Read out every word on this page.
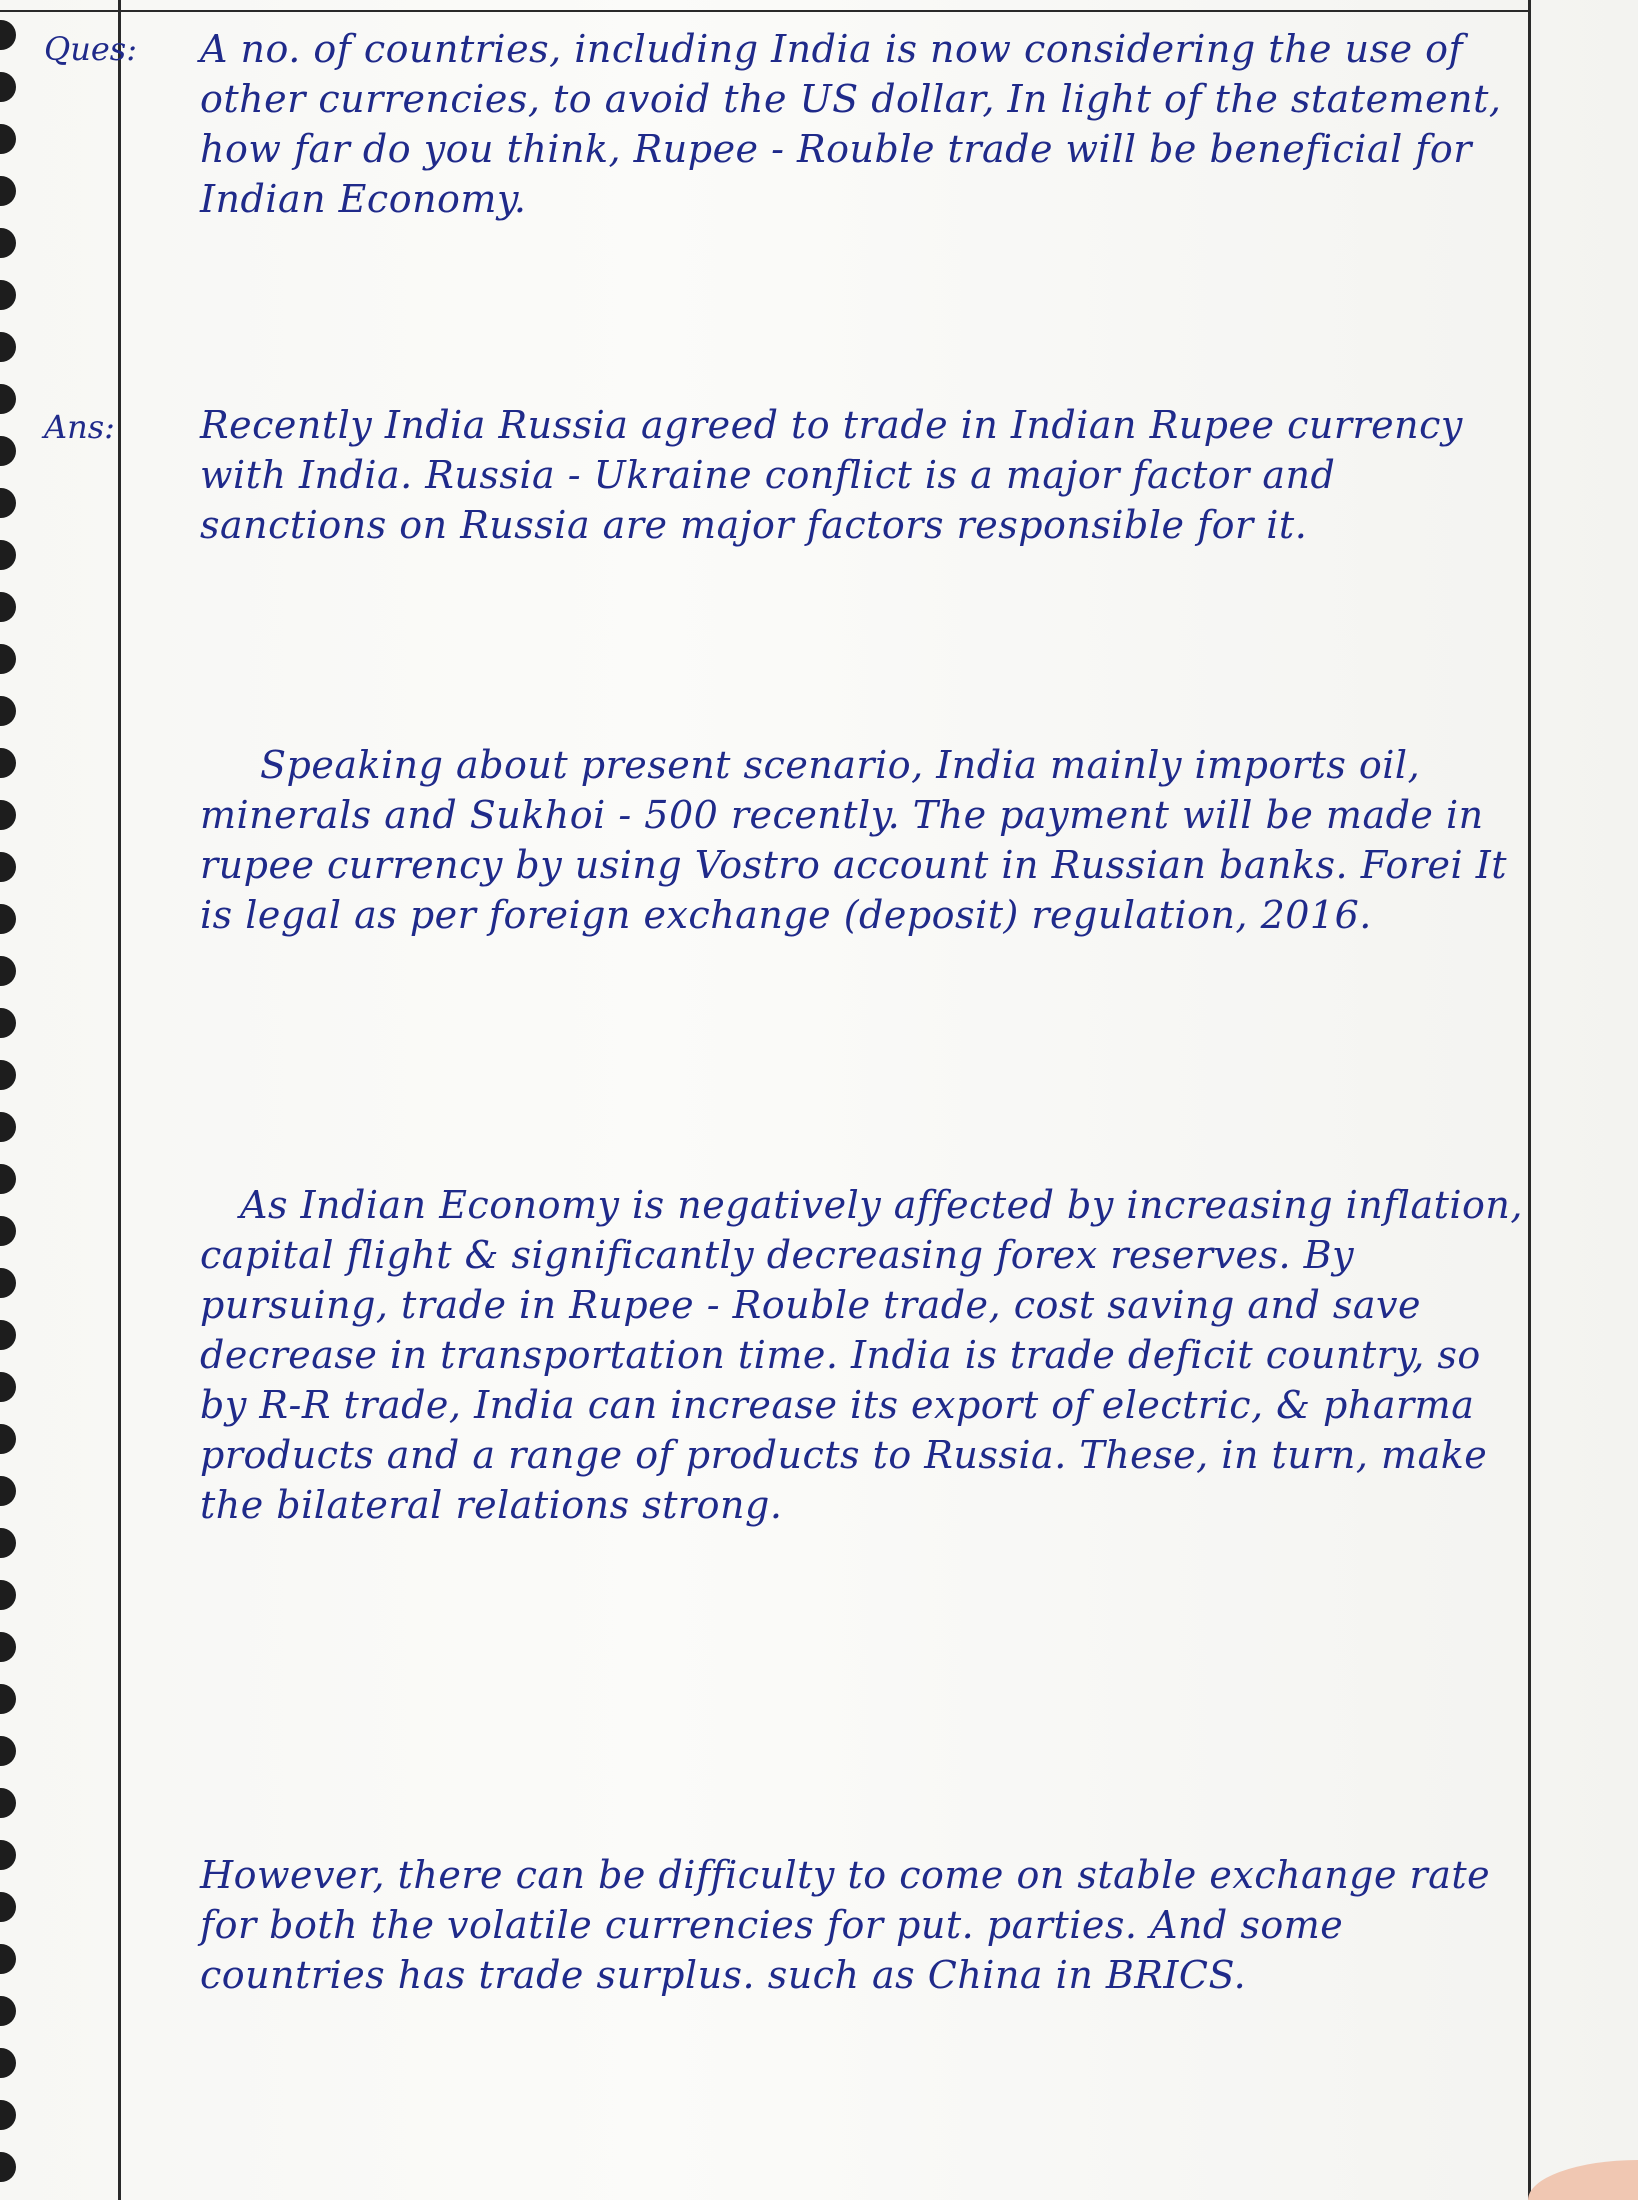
Ques:
Ans:

A no. of countries, including India is now considering the use of other currencies, to avoid the US dollar, In light of the statement, how far do you think, Rupee - Rouble trade will be beneficial for Indian Economy.

Recently India Russia agreed to trade in Indian Rupee currency with India. Russia - Ukraine conflict is a major factor and sanctions on Russia are major factors responsible for it.

Speaking about present scenario, India mainly imports oil, minerals and Sukhoi - 500 recently. The payment will be made in rupee currency by using Vostro account in Russian banks. Forei It is legal as per foreign exchange (deposit) regulation, 2016.

As Indian Economy is negatively affected by increasing inflation, capital flight & significantly decreasing forex reserves. By pursuing, trade in Rupee - Rouble trade, cost saving and save decrease in transportation time. India is trade deficit country, so by R-R trade, India can increase its export of electric, & pharma products and a range of products to Russia. These, in turn, make the bilateral relations strong.

However, there can be difficulty to come on stable exchange rate for both the volatile currencies for put. parties. And some countries has trade surplus. such as China in BRICS.
